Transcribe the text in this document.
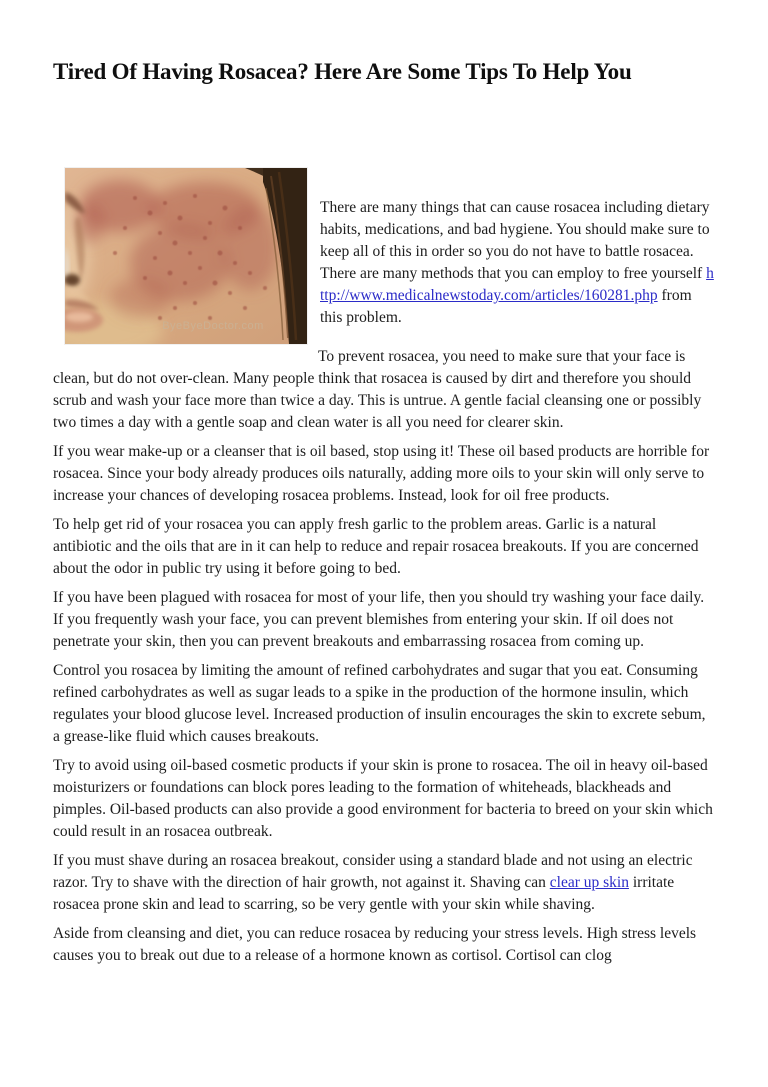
Tired Of Having Rosacea? Here Are Some Tips To Help You
ByeByeDoctor.com

There are many things that can cause rosacea including dietary habits, medications, and bad hygiene. You should make sure to keep all of this in order so you do not have to battle rosacea. There are many methods that you can employ to free yourself http://www.medicalnewstoday.com/articles/160281.php from this problem.

To prevent rosacea, you need to make sure that your face is clean, but do not over-clean. Many people think that rosacea is caused by dirt and therefore you should scrub and wash your face more than twice a day. This is untrue. A gentle facial cleansing one or possibly two times a day with a gentle soap and clean water is all you need for clearer skin.

If you wear make-up or a cleanser that is oil based, stop using it! These oil based products are horrible for rosacea. Since your body already produces oils naturally, adding more oils to your skin will only serve to increase your chances of developing rosacea problems. Instead, look for oil free products.

To help get rid of your rosacea you can apply fresh garlic to the problem areas. Garlic is a natural antibiotic and the oils that are in it can help to reduce and repair rosacea breakouts. If you are concerned about the odor in public try using it before going to bed.

If you have been plagued with rosacea for most of your life, then you should try washing your face daily. If you frequently wash your face, you can prevent blemishes from entering your skin. If oil does not penetrate your skin, then you can prevent breakouts and embarrassing rosacea from coming up.

Control you rosacea by limiting the amount of refined carbohydrates and sugar that you eat. Consuming refined carbohydrates as well as sugar leads to a spike in the production of the hormone insulin, which regulates your blood glucose level. Increased production of insulin encourages the skin to excrete sebum, a grease-like fluid which causes breakouts.

Try to avoid using oil-based cosmetic products if your skin is prone to rosacea. The oil in heavy oil-based moisturizers or foundations can block pores leading to the formation of whiteheads, blackheads and pimples. Oil-based products can also provide a good environment for bacteria to breed on your skin which could result in an rosacea outbreak.

If you must shave during an rosacea breakout, consider using a standard blade and not using an electric razor. Try to shave with the direction of hair growth, not against it. Shaving can clear up skin irritate rosacea prone skin and lead to scarring, so be very gentle with your skin while shaving.

Aside from cleansing and diet, you can reduce rosacea by reducing your stress levels. High stress levels causes you to break out due to a release of a hormone known as cortisol. Cortisol can clog
